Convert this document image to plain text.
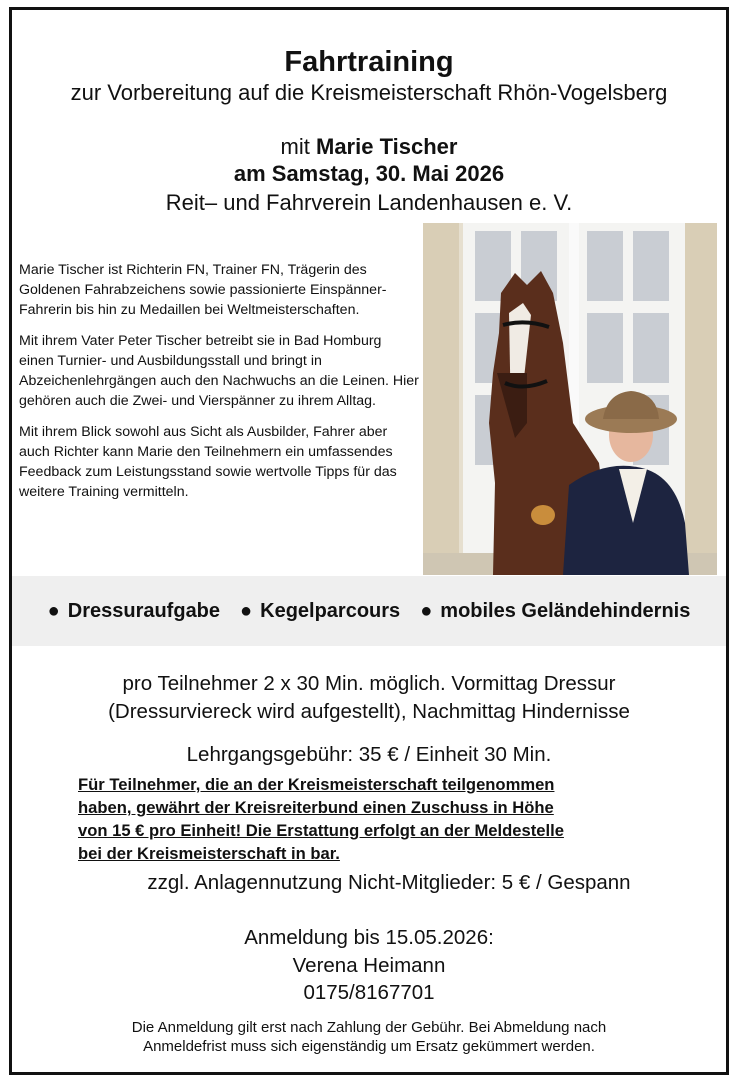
Fahrtraining
zur Vorbereitung auf die Kreismeisterschaft Rhön-Vogelsberg
mit Marie Tischer
am Samstag, 30. Mai 2026
Reit– und Fahrverein Landenhausen e. V.

Marie Tischer ist Richterin FN, Trainer FN, Trägerin des Goldenen Fahrabzeichens sowie passionierte Einspänner-Fahrerin bis hin zu Medaillen bei Weltmeisterschaften.

Mit ihrem Vater Peter Tischer betreibt sie in Bad Homburg einen Turnier- und Ausbildungsstall und bringt in Abzeichenlehrgängen auch den Nachwuchs an die Leinen. Hier gehören auch die Zwei- und Vierspänner zu ihrem Alltag.

Mit ihrem Blick sowohl aus Sicht als Ausbilder, Fahrer aber auch Richter kann Marie den Teilnehmern ein umfassendes Feedback zum Leistungsstand sowie wertvolle Tipps für das weitere Training vermitteln.

● Dressuraufgabe ● Kegelparcours ● mobiles Geländehindernis
pro Teilnehmer 2 x 30 Min. möglich. Vormittag Dressur
(Dressurviereck wird aufgestellt), Nachmittag Hindernisse
Lehrgangsgebühr: 35 € / Einheit 30 Min.
Für Teilnehmer, die an der Kreismeisterschaft teilgenommen
haben, gewährt der Kreisreiterbund einen Zuschuss in Höhe
von 15 € pro Einheit! Die Erstattung erfolgt an der Meldestelle
bei der Kreismeisterschaft in bar.
zzgl. Anlagennutzung Nicht-Mitglieder: 5 € / Gespann
Anmeldung bis 15.05.2026:
Verena Heimann
0175/8167701
Die Anmeldung gilt erst nach Zahlung der Gebühr. Bei Abmeldung nach
Anmeldefrist muss sich eigenständig um Ersatz gekümmert werden.
